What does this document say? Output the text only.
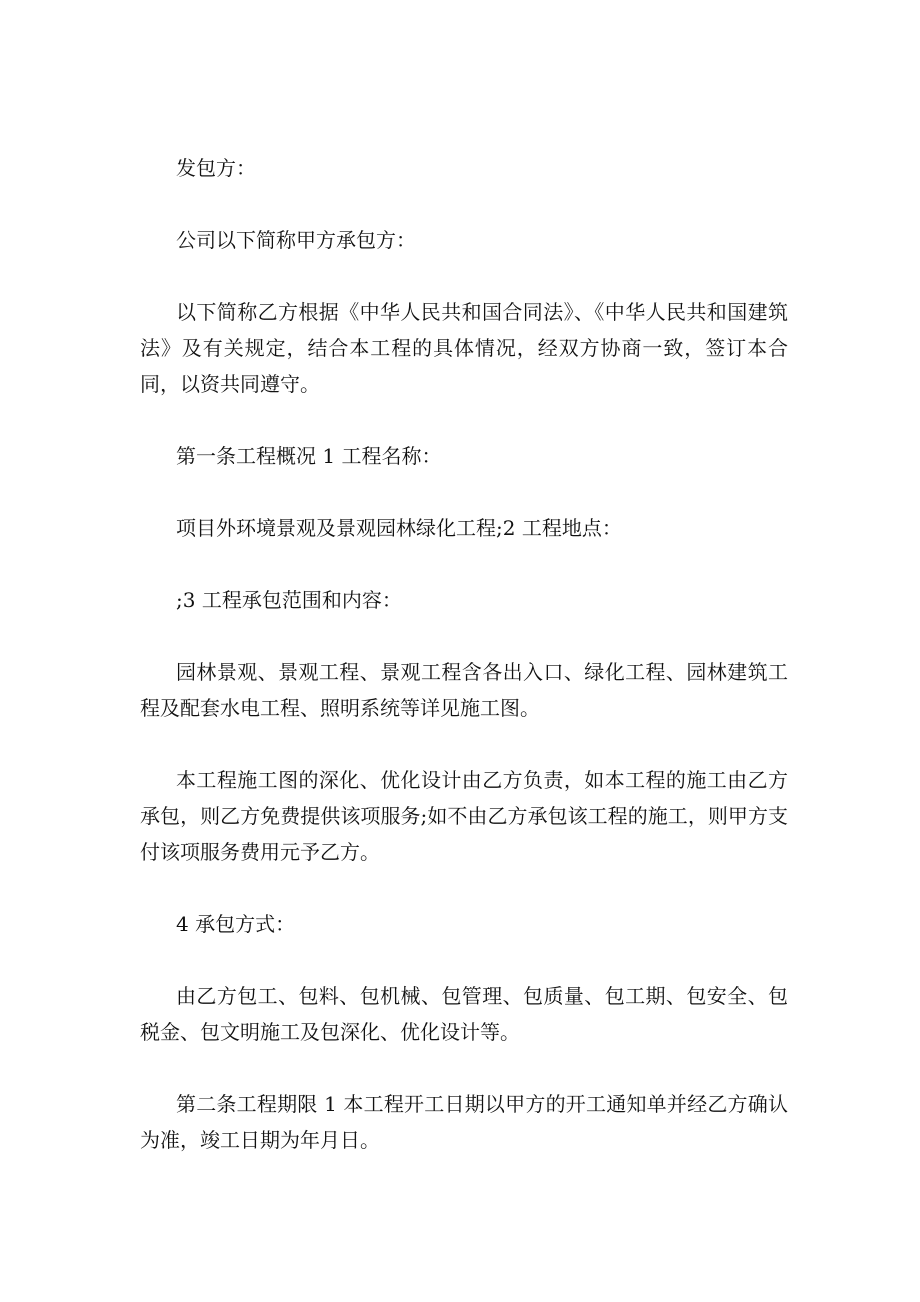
发包方：

公司以下简称甲方承包方：

以下简称乙方根据《中华人民共和国合同法》、《中华人民共和国建筑法》及有关规定，结合本工程的具体情况，经双方协商一致，签订本合同，以资共同遵守。

第一条工程概况 1 工程名称：

项目外环境景观及景观园林绿化工程;2 工程地点：

;3 工程承包范围和内容：

园林景观、景观工程、景观工程含各出入口、绿化工程、园林建筑工程及配套水电工程、照明系统等详见施工图。

本工程施工图的深化、优化设计由乙方负责，如本工程的施工由乙方承包，则乙方免费提供该项服务;如不由乙方承包该工程的施工，则甲方支付该项服务费用元予乙方。

4 承包方式：

由乙方包工、包料、包机械、包管理、包质量、包工期、包安全、包税金、包文明施工及包深化、优化设计等。

第二条工程期限 1 本工程开工日期以甲方的开工通知单并经乙方确认为准，竣工日期为年月日。
